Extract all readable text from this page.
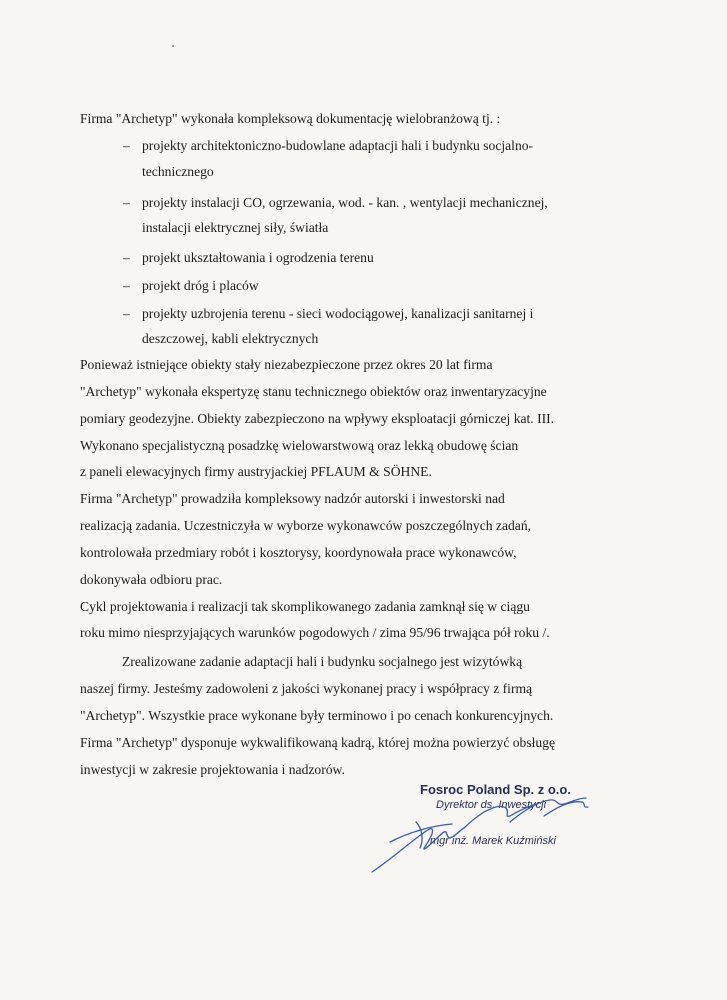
Firma "Archetyp" wykonała kompleksową dokumentację wielobranżową tj. :
– projekty architektoniczno-budowlane adaptacji hali i budynku socjalno-
technicznego
– projekty instalacji CO, ogrzewania, wod. - kan. , wentylacji mechanicznej,
instalacji elektrycznej siły, światła
– projekt ukształtowania i ogrodzenia terenu
– projekt dróg i placów
– projekty uzbrojenia terenu - sieci wodociągowej, kanalizacji sanitarnej i
deszczowej, kabli elektrycznych
Ponieważ istniejące obiekty stały niezabezpieczone przez okres 20 lat firma
"Archetyp" wykonała ekspertyzę stanu technicznego obiektów oraz inwentaryzacyjne
pomiary geodezyjne. Obiekty zabezpieczono na wpływy eksploatacji górniczej kat. III.
Wykonano specjalistyczną posadzkę wielowarstwową oraz lekką obudowę ścian
z paneli elewacyjnych firmy austryjackiej PFLAUM & SÖHNE.
Firma "Archetyp" prowadziła kompleksowy nadzór autorski i inwestorski nad
realizacją zadania. Uczestniczyła w wyborze wykonawców poszczególnych zadań,
kontrolowała przedmiary robót i kosztorysy, koordynowała prace wykonawców,
dokonywała odbioru prac.
Cykl projektowania i realizacji tak skomplikowanego zadania zamknął się w ciągu
roku mimo niesprzyjających warunków pogodowych / zima 95/96 trwająca pół roku /.
Zrealizowane zadanie adaptacji hali i budynku socjalnego jest wizytówką
naszej firmy. Jesteśmy zadowoleni z jakości wykonanej pracy i współpracy z firmą
"Archetyp". Wszystkie prace wykonane były terminowo i po cenach konkurencyjnych.
Firma "Archetyp" dysponuje wykwalifikowaną kadrą, której można powierzyć obsługę
inwestycji w zakresie projektowania i nadzorów.
Fosroc Poland Sp. z o.o.
Dyrektor ds. Inwestycji
mgr inż. Marek Kuźmiński
